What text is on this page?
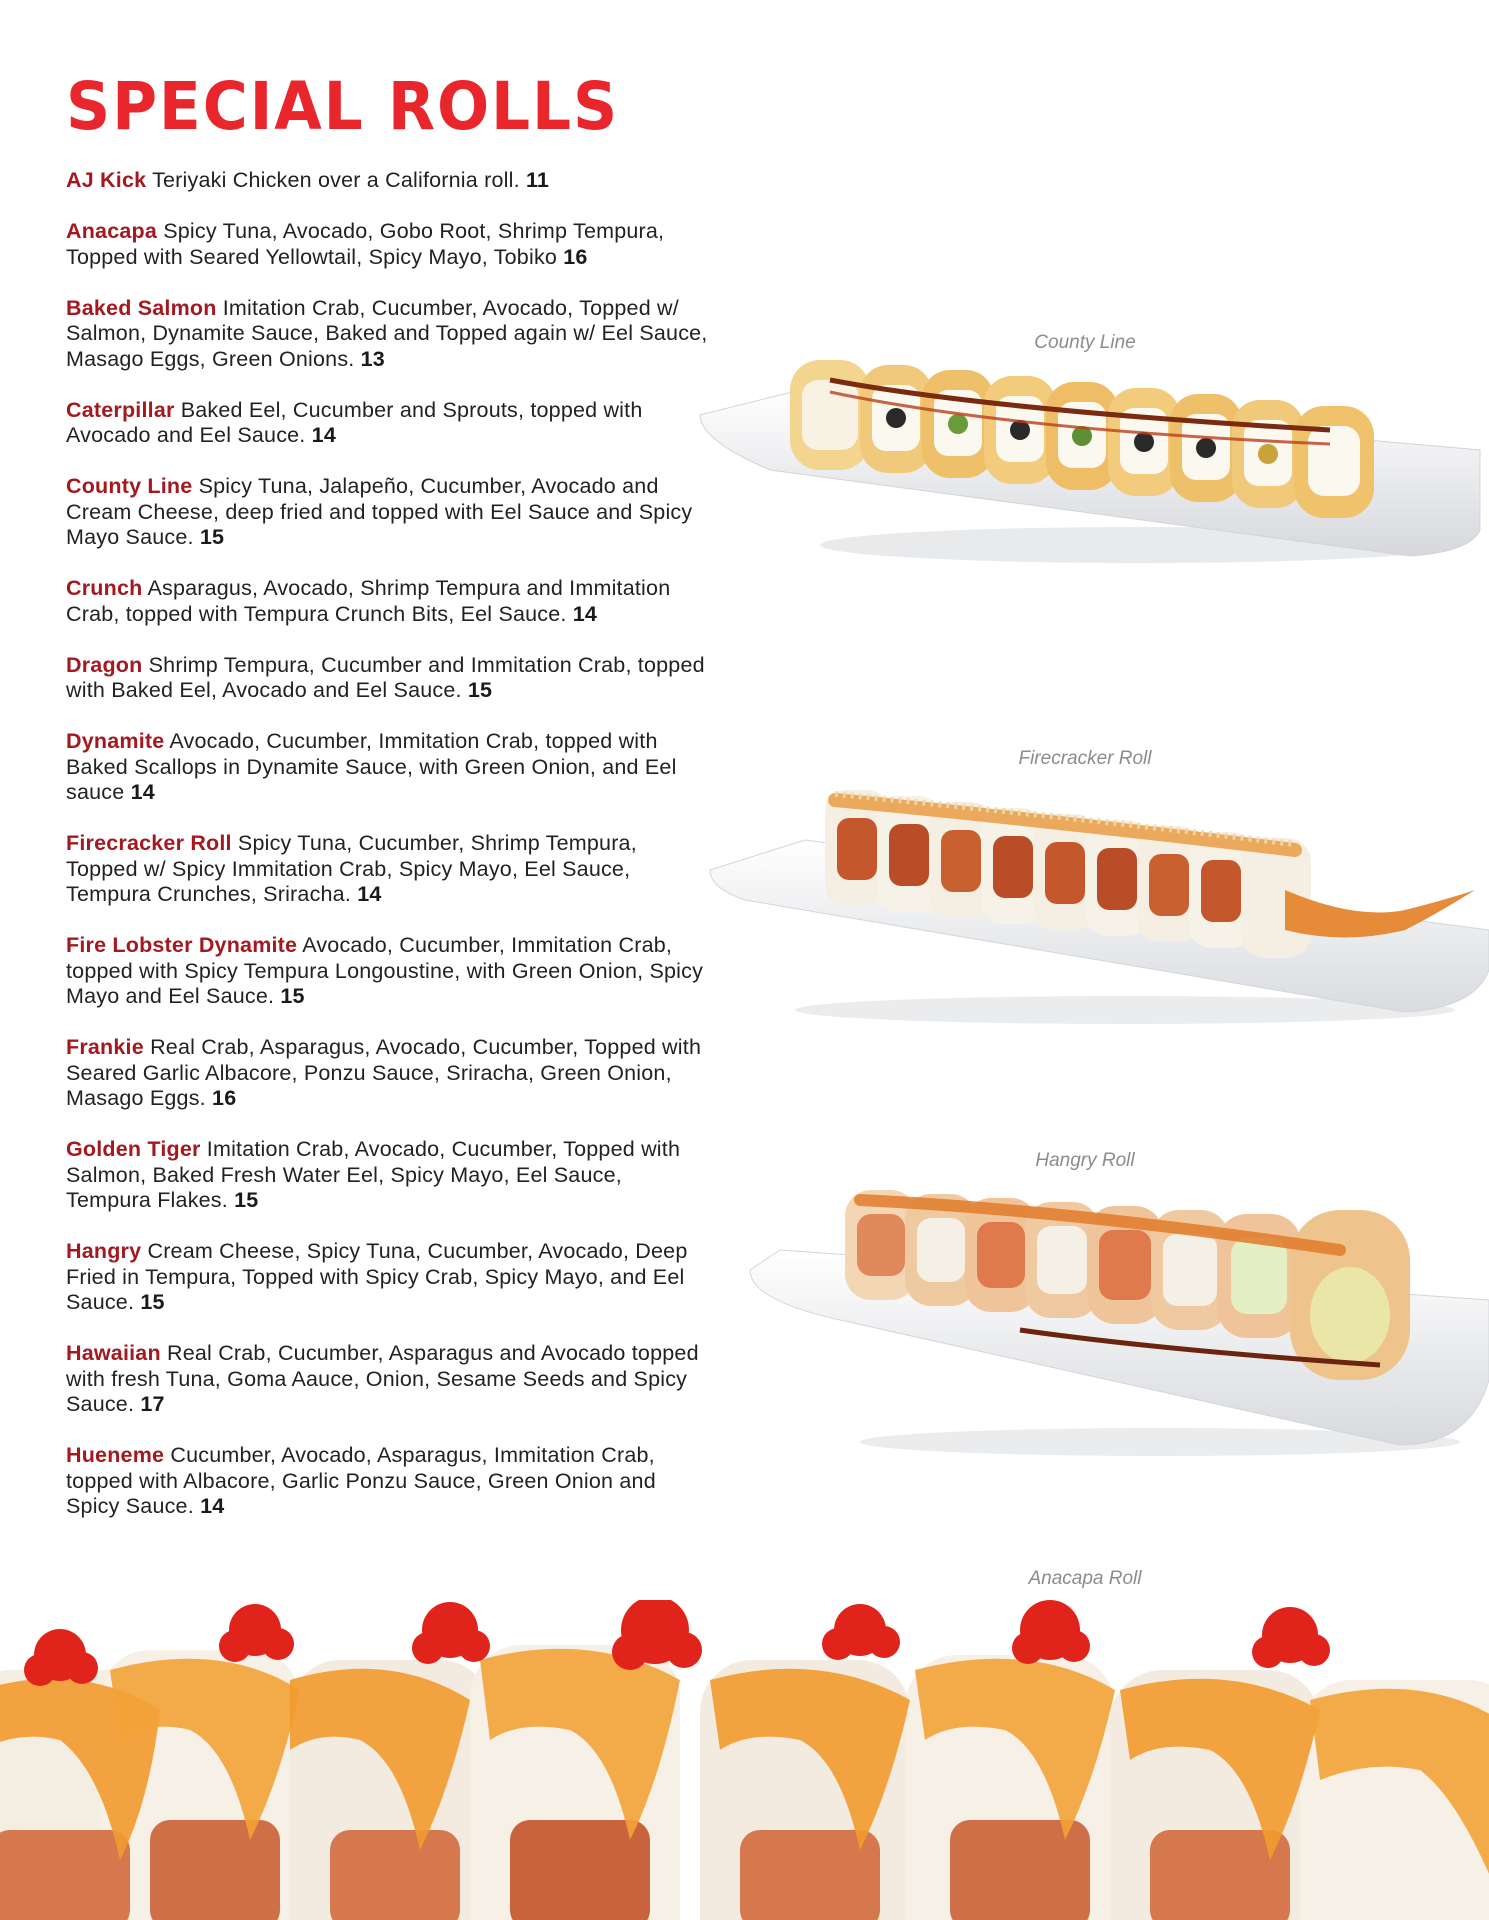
SPECIAL ROLLS

AJ Kick Teriyaki Chicken over a California roll. 11

Anacapa Spicy Tuna, Avocado, Gobo Root, Shrimp Tempura, Topped with Seared Yellowtail, Spicy Mayo, Tobiko 16

Baked Salmon Imitation Crab, Cucumber, Avocado, Topped w/ Salmon, Dynamite Sauce, Baked and Topped again w/ Eel Sauce, Masago Eggs, Green Onions. 13

Caterpillar Baked Eel, Cucumber and Sprouts, topped with Avocado and Eel Sauce. 14

County Line Spicy Tuna, Jalapeño, Cucumber, Avocado and Cream Cheese, deep fried and topped with Eel Sauce and Spicy Mayo Sauce. 15

Crunch Asparagus, Avocado, Shrimp Tempura and Immitation Crab, topped with Tempura Crunch Bits, Eel Sauce. 14

Dragon Shrimp Tempura, Cucumber and Immitation Crab, topped with Baked Eel, Avocado and Eel Sauce. 15

Dynamite Avocado, Cucumber, Immitation Crab, topped with Baked Scallops in Dynamite Sauce, with Green Onion, and Eel sauce 14

Firecracker Roll Spicy Tuna, Cucumber, Shrimp Tempura, Topped w/ Spicy Immitation Crab, Spicy Mayo, Eel Sauce, Tempura Crunches, Sriracha. 14

Fire Lobster Dynamite Avocado, Cucumber, Immitation Crab, topped with Spicy Tempura Longoustine, with Green Onion, Spicy Mayo and Eel Sauce. 15

Frankie Real Crab, Asparagus, Avocado, Cucumber, Topped with Seared Garlic Albacore, Ponzu Sauce, Sriracha, Green Onion, Masago Eggs. 16

Golden Tiger Imitation Crab, Avocado, Cucumber, Topped with Salmon, Baked Fresh Water Eel, Spicy Mayo, Eel Sauce, Tempura Flakes. 15

Hangry Cream Cheese, Spicy Tuna, Cucumber, Avocado, Deep Fried in Tempura, Topped with Spicy Crab, Spicy Mayo, and Eel Sauce. 15

Hawaiian Real Crab, Cucumber, Asparagus and Avocado topped with fresh Tuna, Goma Aauce, Onion, Sesame Seeds and Spicy Sauce. 17

Hueneme Cucumber, Avocado, Asparagus, Immitation Crab, topped with Albacore, Garlic Ponzu Sauce, Green Onion and Spicy Sauce. 14

County Line
Firecracker Roll
Hangry Roll
Anacapa Roll
